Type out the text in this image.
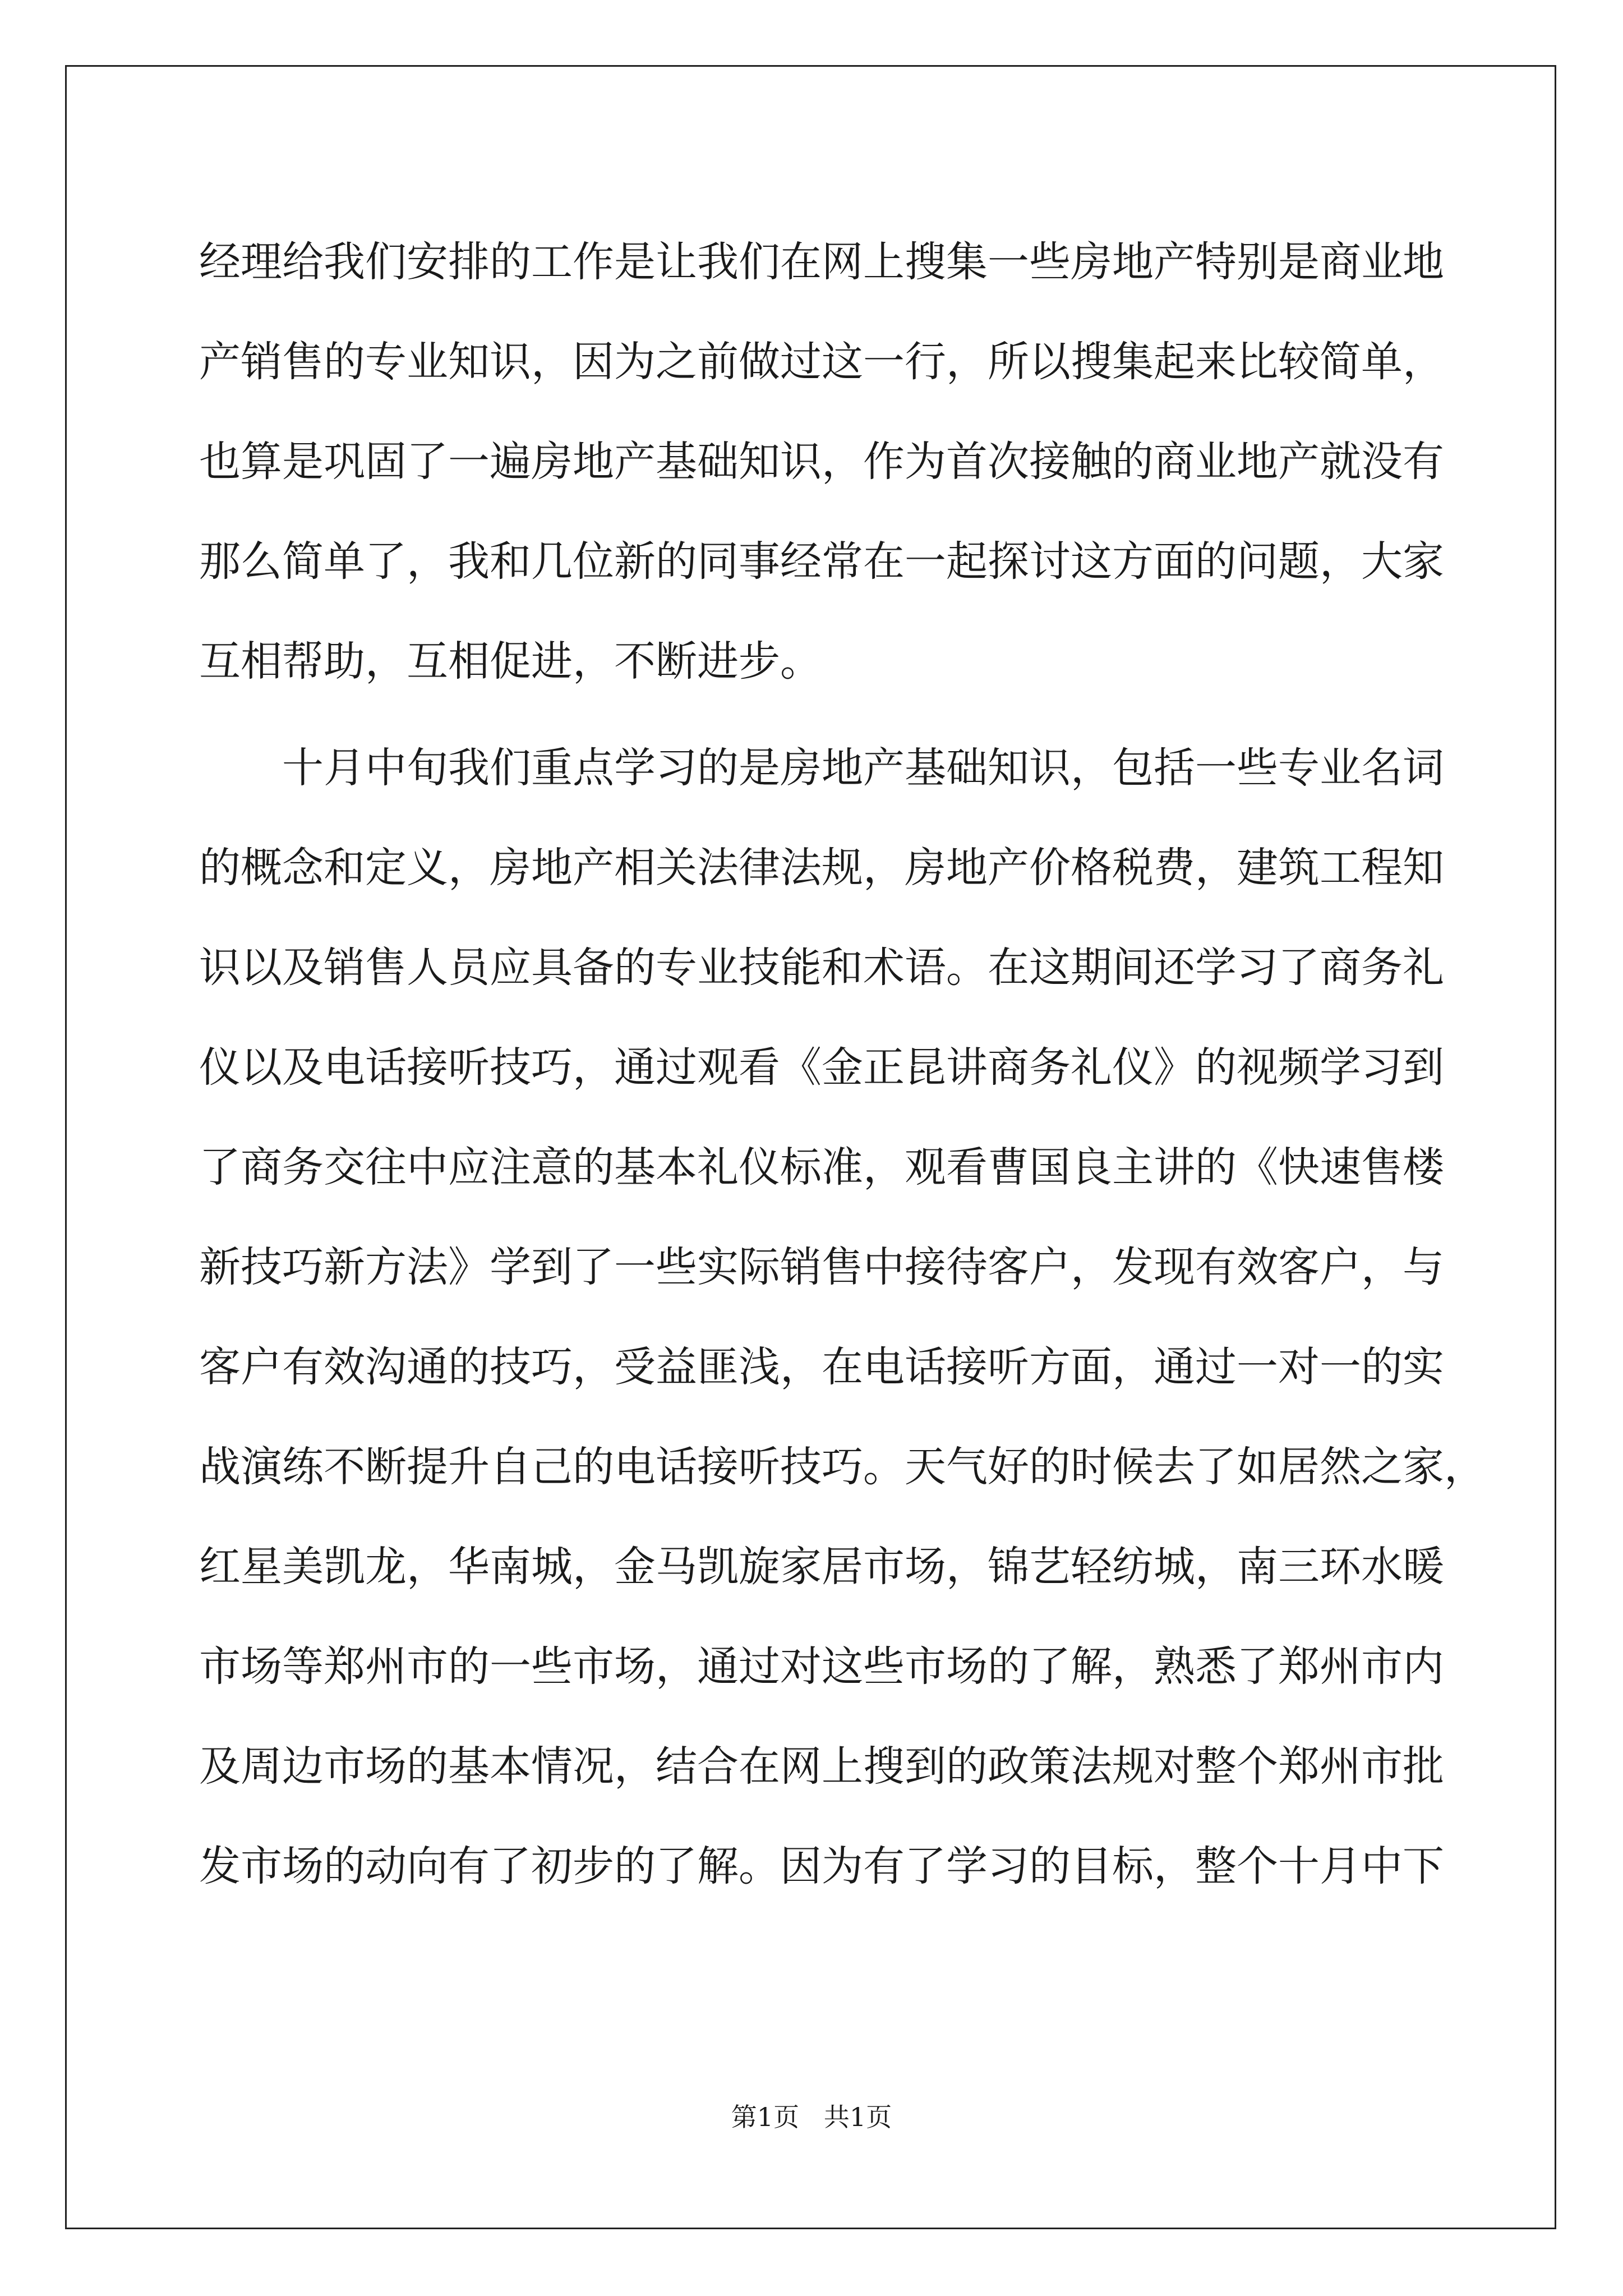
经理给我们安排的工作是让我们在网上搜集一些房地产特别是商业地
产销售的专业知识，因为之前做过这一行，所以搜集起来比较简单，
也算是巩固了一遍房地产基础知识，作为首次接触的商业地产就没有
那么简单了，我和几位新的同事经常在一起探讨这方面的问题，大家
互相帮助，互相促进，不断进步。
十月中旬我们重点学习的是房地产基础知识，包括一些专业名词
的概念和定义，房地产相关法律法规，房地产价格税费，建筑工程知
识以及销售人员应具备的专业技能和术语。在这期间还学习了商务礼
仪以及电话接听技巧，通过观看《金正昆讲商务礼仪》的视频学习到
了商务交往中应注意的基本礼仪标准，观看曹国良主讲的《快速售楼
新技巧新方法》学到了一些实际销售中接待客户，发现有效客户，与
客户有效沟通的技巧，受益匪浅，在电话接听方面，通过一对一的实
战演练不断提升自己的电话接听技巧。天气好的时候去了如居然之家，
红星美凯龙，华南城，金马凯旋家居市场，锦艺轻纺城，南三环水暖
市场等郑州市的一些市场，通过对这些市场的了解，熟悉了郑州市内
及周边市场的基本情况，结合在网上搜到的政策法规对整个郑州市批
发市场的动向有了初步的了解。因为有了学习的目标，整个十月中下
第1页   共1页
